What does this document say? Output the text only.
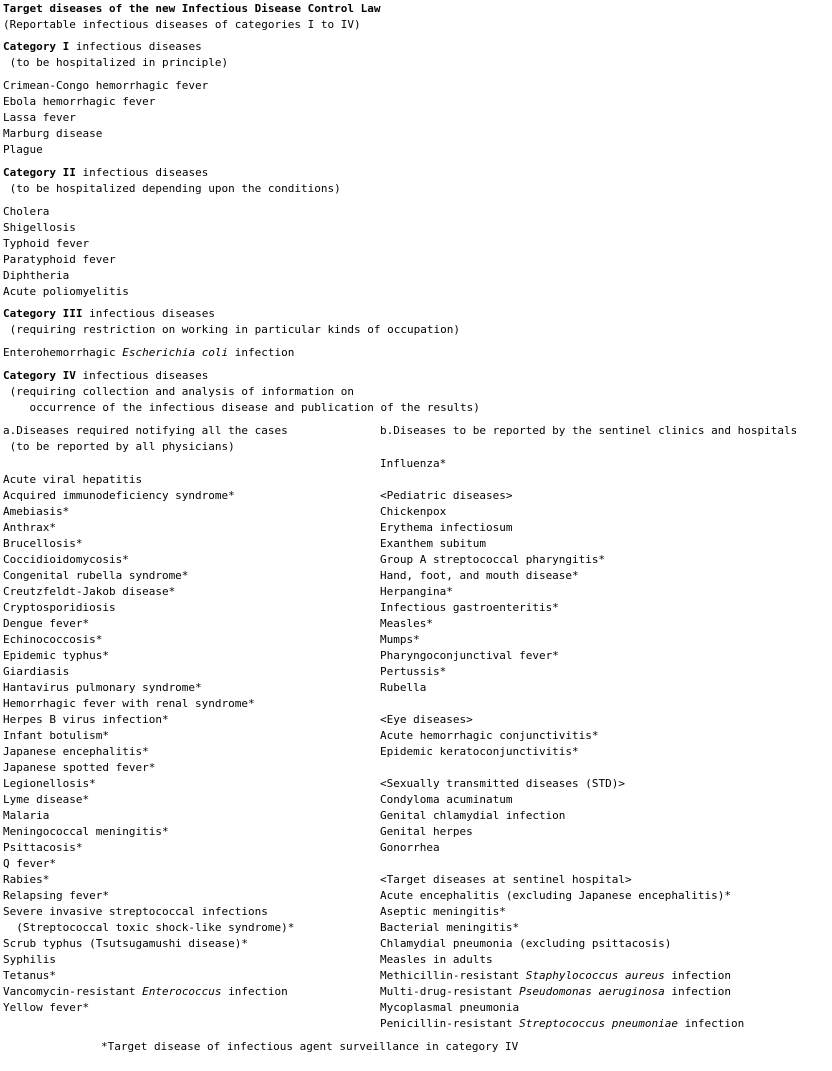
Target diseases of the new Infectious Disease Control Law
(Reportable infectious diseases of categories I to IV)
Category I infectious diseases
(to be hospitalized in principle)
Crimean-Congo hemorrhagic fever
Ebola hemorrhagic fever
Lassa fever
Marburg disease
Plague
Category II infectious diseases
(to be hospitalized depending upon the conditions)
Cholera
Shigellosis
Typhoid fever
Paratyphoid fever
Diphtheria
Acute poliomyelitis
Category III infectious diseases
(requiring restriction on working in particular kinds of occupation)
Enterohemorrhagic Escherichia coli infection
Category IV infectious diseases
(requiring collection and analysis of information on
occurrence of the infectious disease and publication of the results)
a.Diseases required notifying all the cases
(to be reported by all physicians)
b.Diseases to be reported by the sentinel clinics and hospitals
Influenza*
Acute viral hepatitis
Acquired immunodeficiency syndrome*
Amebiasis*
Anthrax*
Brucellosis*
Coccidioidomycosis*
Congenital rubella syndrome*
Creutzfeldt-Jakob disease*
Cryptosporidiosis
Dengue fever*
Echinococcosis*
Epidemic typhus*
Giardiasis
Hantavirus pulmonary syndrome*
Hemorrhagic fever with renal syndrome*
Herpes B virus infection*
Infant botulism*
Japanese encephalitis*
Japanese spotted fever*
Legionellosis*
Lyme disease*
Malaria
Meningococcal meningitis*
Psittacosis*
Q fever*
Rabies*
Relapsing fever*
Severe invasive streptococcal infections
(Streptococcal toxic shock-like syndrome)*
Scrub typhus (Tsutsugamushi disease)*
Syphilis
Tetanus*
Vancomycin-resistant Enterococcus infection
Yellow fever*
<Pediatric diseases>
Chickenpox
Erythema infectiosum
Exanthem subitum
Group A streptococcal pharyngitis*
Hand, foot, and mouth disease*
Herpangina*
Infectious gastroenteritis*
Measles*
Mumps*
Pharyngoconjunctival fever*
Pertussis*
Rubella
<Eye diseases>
Acute hemorrhagic conjunctivitis*
Epidemic keratoconjunctivitis*
<Sexually transmitted diseases (STD)>
Condyloma acuminatum
Genital chlamydial infection
Genital herpes
Gonorrhea
<Target diseases at sentinel hospital>
Acute encephalitis (excluding Japanese encephalitis)*
Aseptic meningitis*
Bacterial meningitis*
Chlamydial pneumonia (excluding psittacosis)
Measles in adults
Methicillin-resistant Staphylococcus aureus infection
Multi-drug-resistant Pseudomonas aeruginosa infection
Mycoplasmal pneumonia
Penicillin-resistant Streptococcus pneumoniae infection
*Target disease of infectious agent surveillance in category IV
